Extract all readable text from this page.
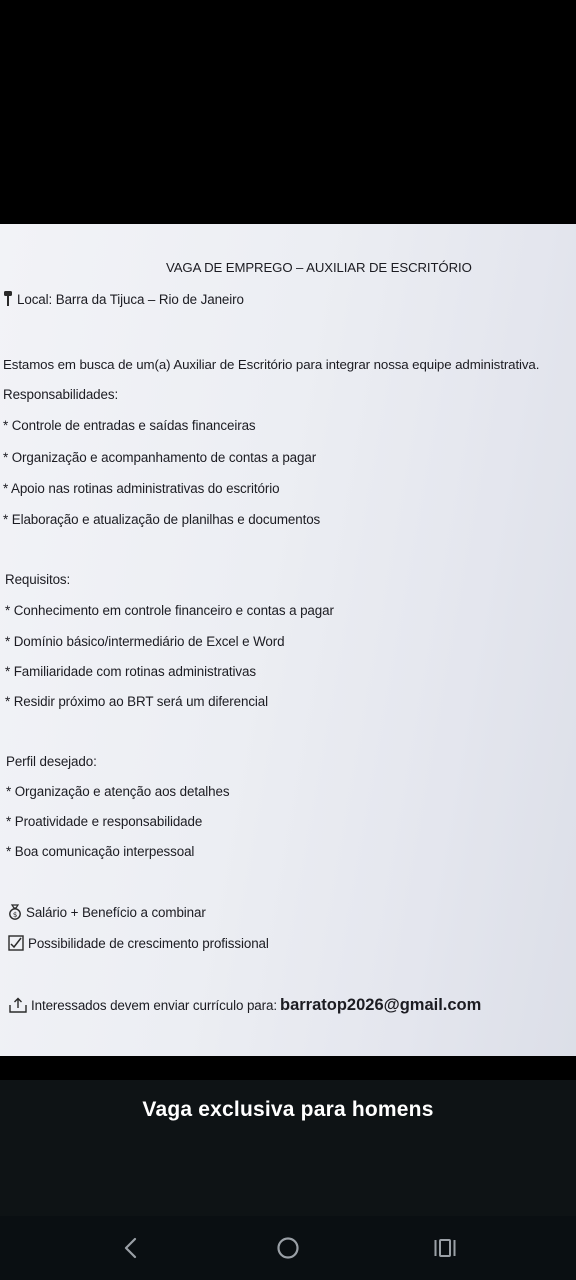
VAGA DE EMPREGO – AUXILIAR DE ESCRITÓRIO
Local: Barra da Tijuca – Rio de Janeiro
Estamos em busca de um(a) Auxiliar de Escritório para integrar nossa equipe administrativa.
Responsabilidades:
* Controle de entradas e saídas financeiras
* Organização e acompanhamento de contas a pagar
* Apoio nas rotinas administrativas do escritório
* Elaboração e atualização de planilhas e documentos
Requisitos:
* Conhecimento em controle financeiro e contas a pagar
* Domínio básico/intermediário de Excel e Word
* Familiaridade com rotinas administrativas
* Residir próximo ao BRT será um diferencial
Perfil desejado:
* Organização e atenção aos detalhes
* Proatividade e responsabilidade
* Boa comunicação interpessoal
$ Salário + Benefício a combinar
Possibilidade de crescimento profissional
Interessados devem enviar currículo para: barratop2026@gmail.com
Vaga exclusiva para homens
